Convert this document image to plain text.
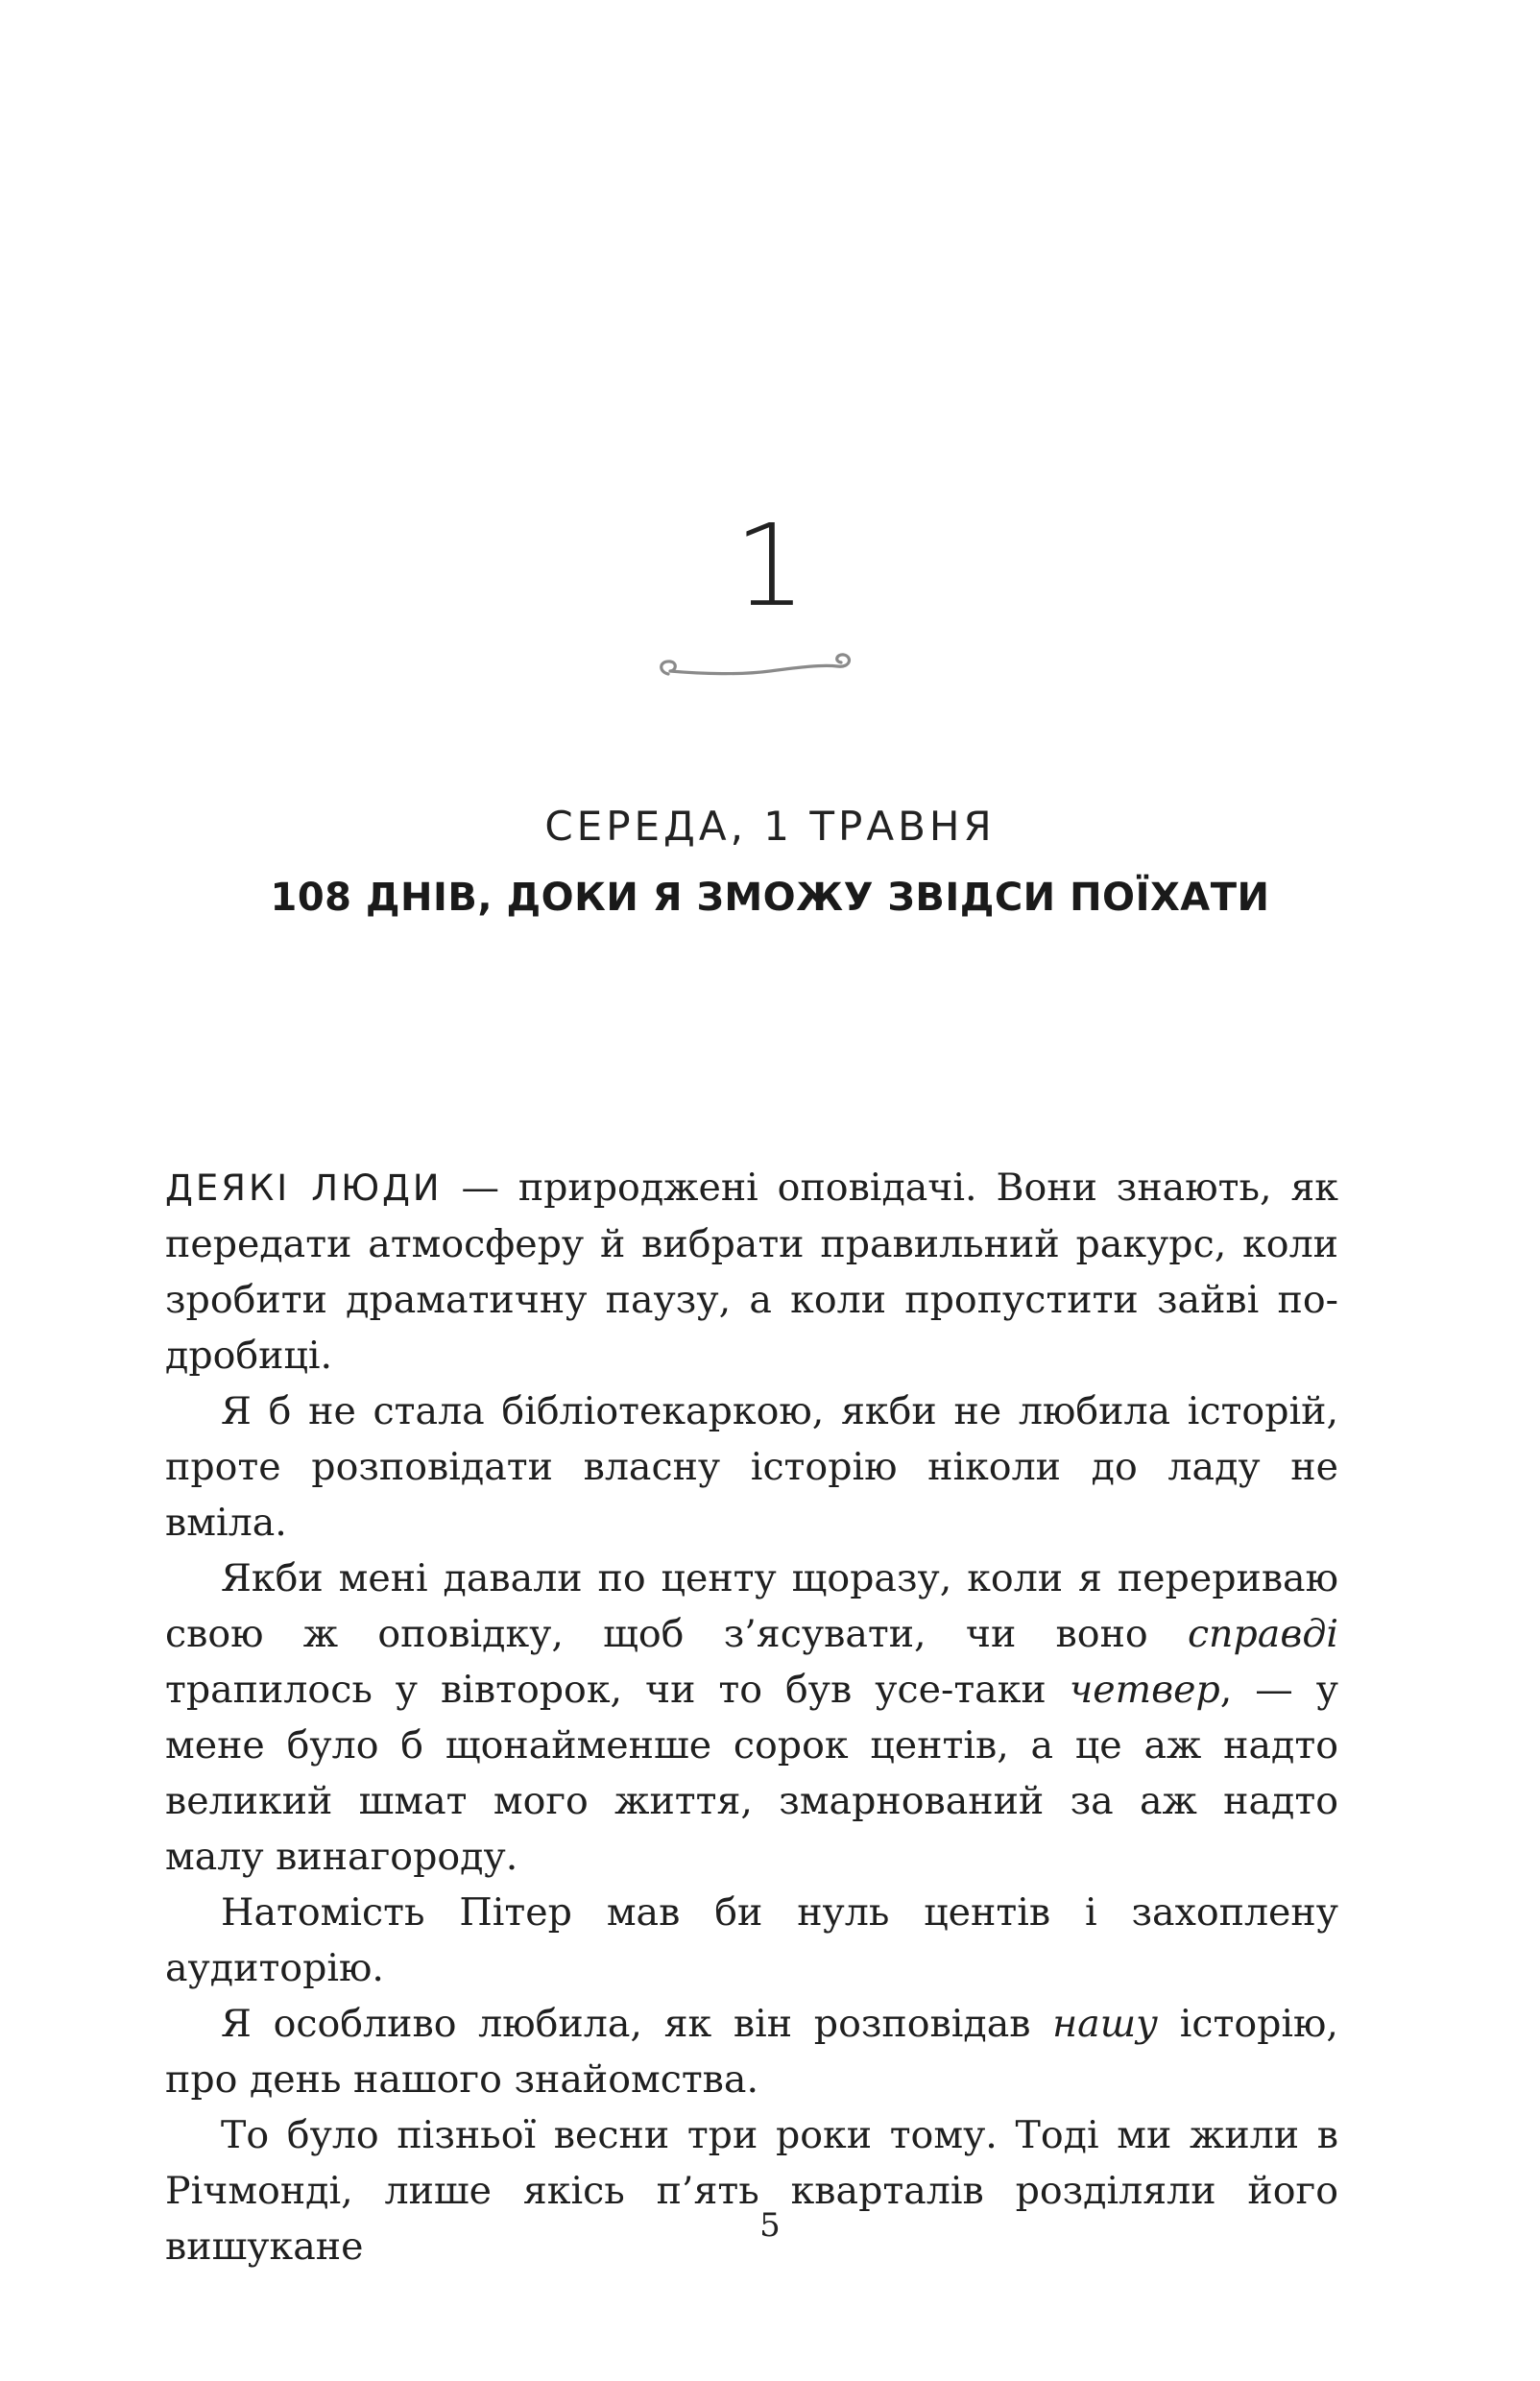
1
СЕРЕДА, 1 ТРАВНЯ
108 ДНІВ, ДОКИ Я ЗМОЖУ ЗВІДСИ ПОЇХАТИ

ДЕЯКІ ЛЮДИ — природжені оповідачі. Вони знають, як передати атмосферу й вибрати правильний ракурс, коли зробити драматичну паузу, а коли пропустити зайві подробиці.

Я б не стала бібліотекаркою, якби не любила історій, проте розповідати власну історію ніколи до ладу не вміла.

Якби мені давали по центу щоразу, коли я перериваю свою ж оповідку, щоб з’ясувати, чи воно справді трапилось у вівторок, чи то був усе-таки четвер, — у мене було б щонайменше сорок центів, а це аж надто великий шмат мого життя, змарнований за аж надто малу винагороду.

Натомість Пітер мав би нуль центів і захоплену аудиторію.

Я особливо любила, як він розповідав нашу історію, про день нашого знайомства.

То було пізньої весни три роки тому. Тоді ми жили в Річмонді, лише якісь п’ять кварталів розділяли його вишукане	5
